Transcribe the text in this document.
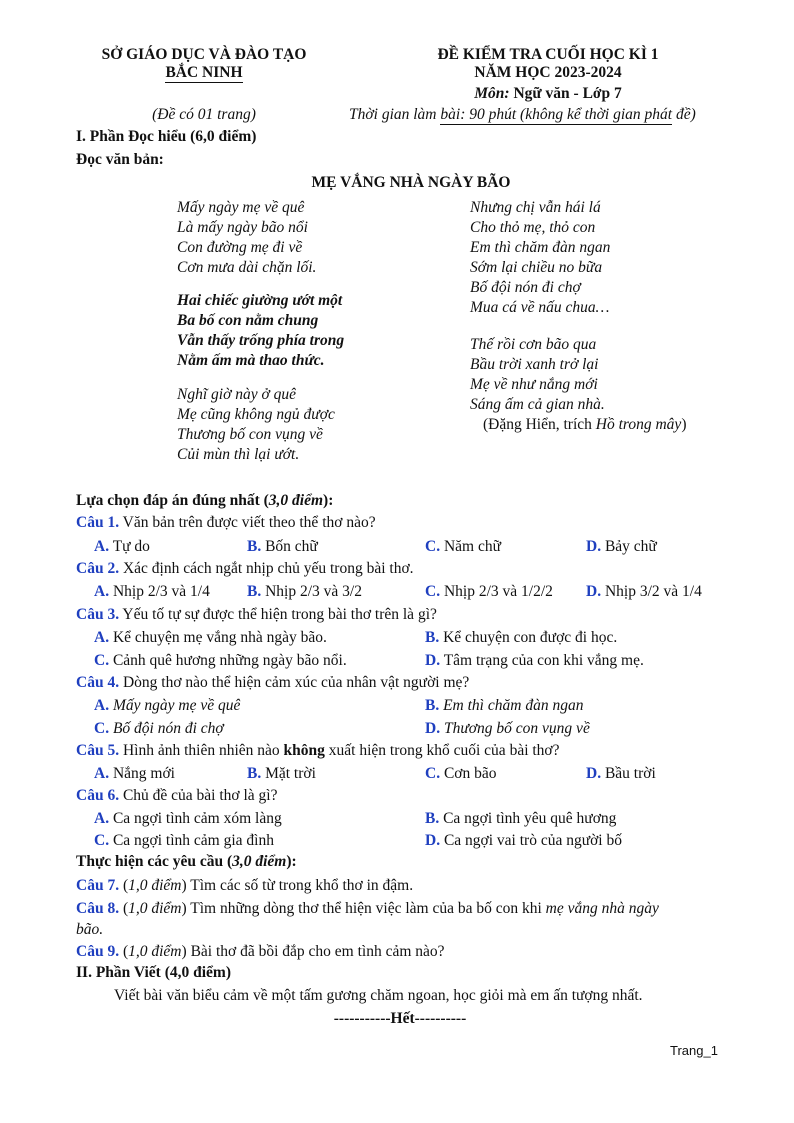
SỞ GIÁO DỤC VÀ ĐÀO TẠO
BẮC NINH
(Đề có 01 trang)
ĐỀ KIỂM TRA CUỐI HỌC KÌ 1
NĂM HỌC 2023-2024
Môn: Ngữ văn - Lớp 7
Thời gian làm bài: 90 phút (không kể thời gian phát đề)
I. Phần Đọc hiểu (6,0 điểm)
Đọc văn bản:
MẸ VẮNG NHÀ NGÀY BÃO
Mấy ngày mẹ về quê
Là mấy ngày bão nổi
Con đường mẹ đi về
Cơn mưa dài chặn lối.
Hai chiếc giường ướt một
Ba bố con nằm chung
Vẫn thấy trống phía trong
Nằm ấm mà thao thức.
Nghĩ giờ này ở quê
Mẹ cũng không ngủ được
Thương bố con vụng về
Củi mùn thì lại ướt.
Nhưng chị vẫn hái lá
Cho thỏ mẹ, thỏ con
Em thì chăm đàn ngan
Sớm lại chiều no bữa
Bố đội nón đi chợ
Mua cá về nấu chua…
Thế rồi cơn bão qua
Bầu trời xanh trở lại
Mẹ về như nắng mới
Sáng ấm cả gian nhà.
(Đặng Hiển, trích Hồ trong mây)
Lựa chọn đáp án đúng nhất (3,0 điểm):
Câu 1. Văn bản trên được viết theo thể thơ nào?
A. Tự do	B. Bốn chữ	C. Năm chữ	D. Bảy chữ
Câu 2. Xác định cách ngắt nhịp chủ yếu trong bài thơ.
A. Nhịp 2/3 và 1/4 B. Nhịp 2/3 và 3/2	C. Nhịp 2/3 và 1/2/2 D. Nhịp 3/2 và 1/4
Câu 3. Yếu tố tự sự được thể hiện trong bài thơ trên là gì?
A. Kể chuyện mẹ vắng nhà ngày bão.	B. Kể chuyện con được đi học.
C. Cảnh quê hương những ngày bão nổi.	D. Tâm trạng của con khi vắng mẹ.
Câu 4. Dòng thơ nào thể hiện cảm xúc của nhân vật người mẹ?
A. Mấy ngày mẹ về quê	B. Em thì chăm đàn ngan
C. Bố đội nón đi chợ	D. Thương bố con vụng về
Câu 5. Hình ảnh thiên nhiên nào không xuất hiện trong khổ cuối của bài thơ?
A. Nắng mới	B. Mặt trời	C. Cơn bão	D. Bầu trời
Câu 6. Chủ đề của bài thơ là gì?
A. Ca ngợi tình cảm xóm làng	B. Ca ngợi tình yêu quê hương
C. Ca ngợi tình cảm gia đình	D. Ca ngợi vai trò của người bố
Thực hiện các yêu cầu (3,0 điểm):
Câu 7. (1,0 điểm) Tìm các số từ trong khổ thơ in đậm.
Câu 8. (1,0 điểm) Tìm những dòng thơ thể hiện việc làm của ba bố con khi mẹ vắng nhà ngày
bão.
Câu 9. (1,0 điểm) Bài thơ đã bồi đắp cho em tình cảm nào?
II. Phần Viết (4,0 điểm)
Viết bài văn biểu cảm về một tấm gương chăm ngoan, học giỏi mà em ấn tượng nhất.
-----------Hết----------
Trang_1
